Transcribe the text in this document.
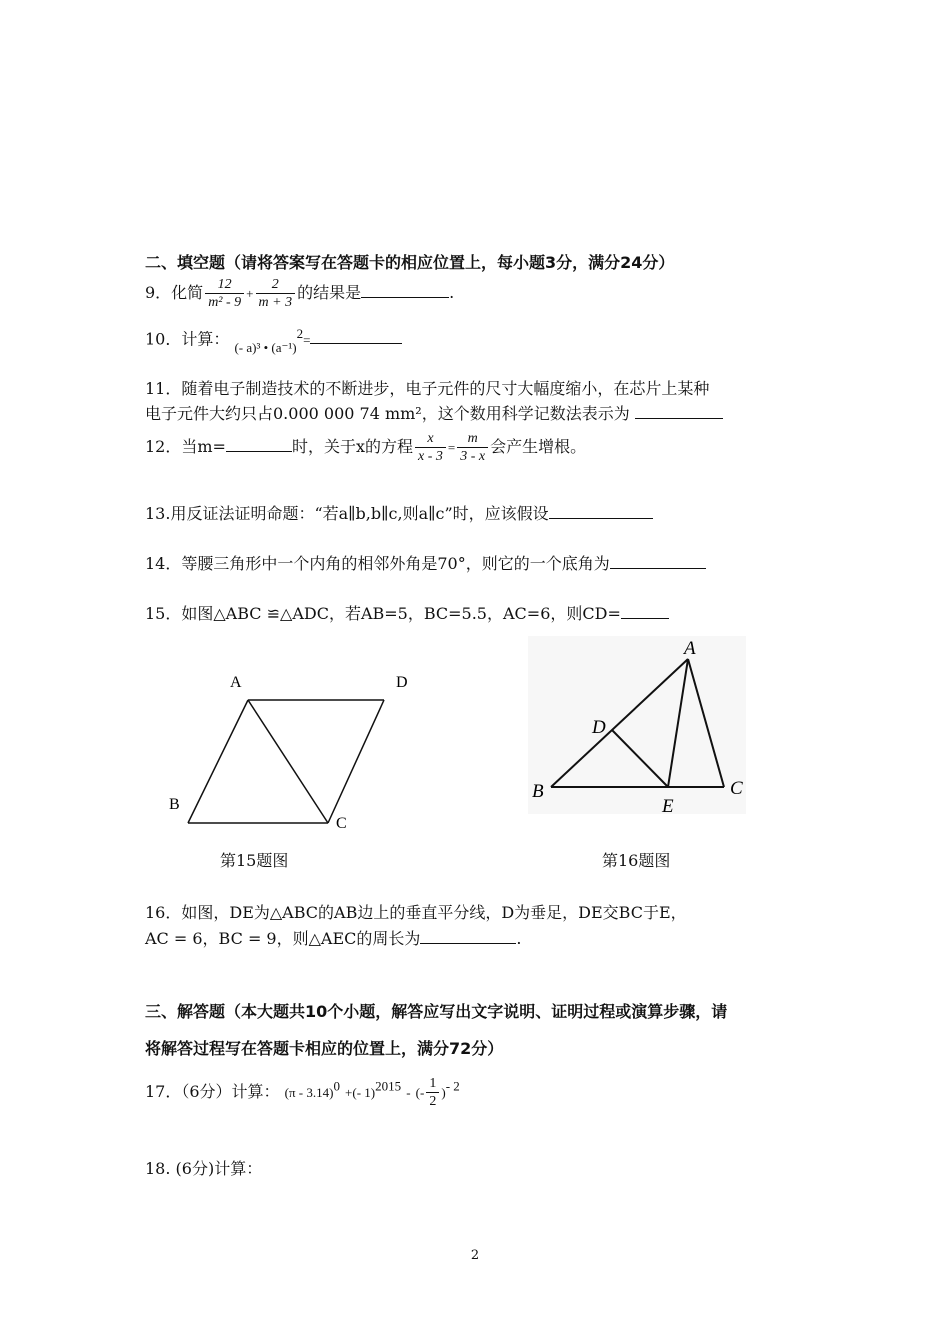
二、填空题（请将答案写在答题卡的相应位置上，每小题3分，满分24分）
9．化简 $\frac{12}{\text{m² - 9}} + \frac{2}{m + 3}$ 的结果是	.
10．计算： $_{(- a)^3 • (a^{-1})}^2$=
11．随着电子制造技术的不断进步，电子元件的尺寸大幅度缩小，在芯片上某种
电子元件大约只占0.000 000 74 mm²，这个数用科学记数法表示为
12．当m=	时，关于x的方程 $\frac{x}{x - 3} = \frac{m}{3 - x}$ 会产生增根。
13.用反证法证明命题：“若a∥b,b∥c,则a∥c”时，应该假设
14．等腰三角形中一个内角的相邻外角是70°，则它的一个底角为
15．如图△ABC ≌△ADC，若AB=5，BC=5.5，AC=6，则CD=
A	D
B
C
第15题图
A
D
B
E
C
第16题图
16．如图，DE为△ABC的AB边上的垂直平分线，D为垂足，DE交BC于E，
AC = 6，BC = 9，则△AEC的周长为	.
三、解答题（本大题共10个小题，解答应写出文字说明、证明过程或演算步骤，请
将解答过程写在答题卡相应的位置上，满分72分）
17．（6分）计算： (π - 3.14)$^0$ +(- 1)$^{2015}$ - (- $\frac{1}{2} )^{- 2}$
18. (6分)计算：
2
